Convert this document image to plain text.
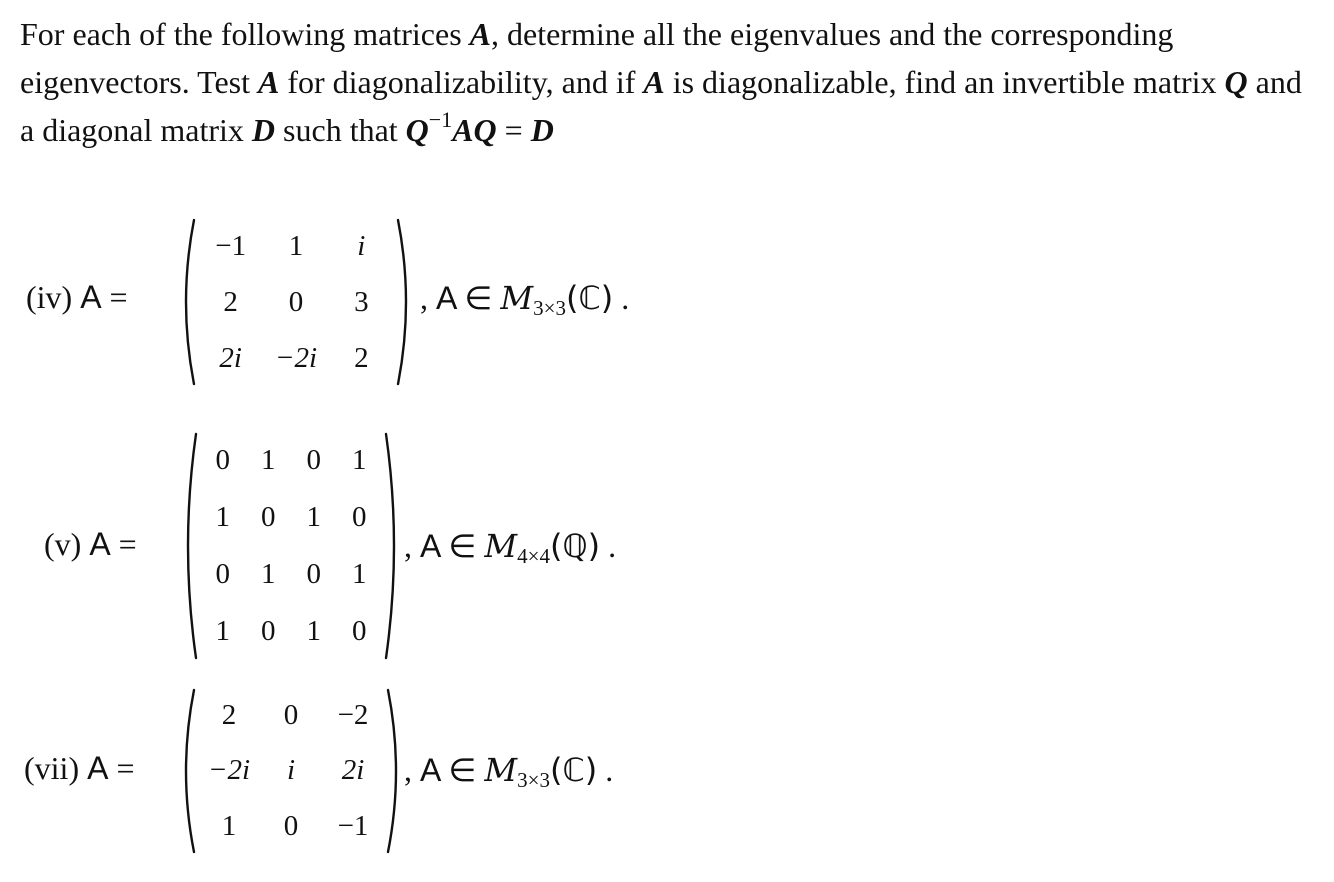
For each of the following matrices A, determine all the eigenvalues and the corresponding eigenvectors. Test A for diagonalizability, and if A is diagonalizable, find an invertible matrix Q and a diagonal matrix D such that $Q^{-1}AQ = D$

(iv) A =
−1	1	i
2	0	3
2i	−2i	2
, A ∈ $M_{3\times 3}(ℂ)$ .
(v) A =
0	1	0	1
1	0	1	0
0	1	0	1
1	0	1	0
, A ∈ $M_{4\times 4}(ℚ)$ .
(vii) A =
2	0	−2
−2i	i	2i
1	0	−1
, A ∈ $M_{3\times 3}(ℂ)$ .
